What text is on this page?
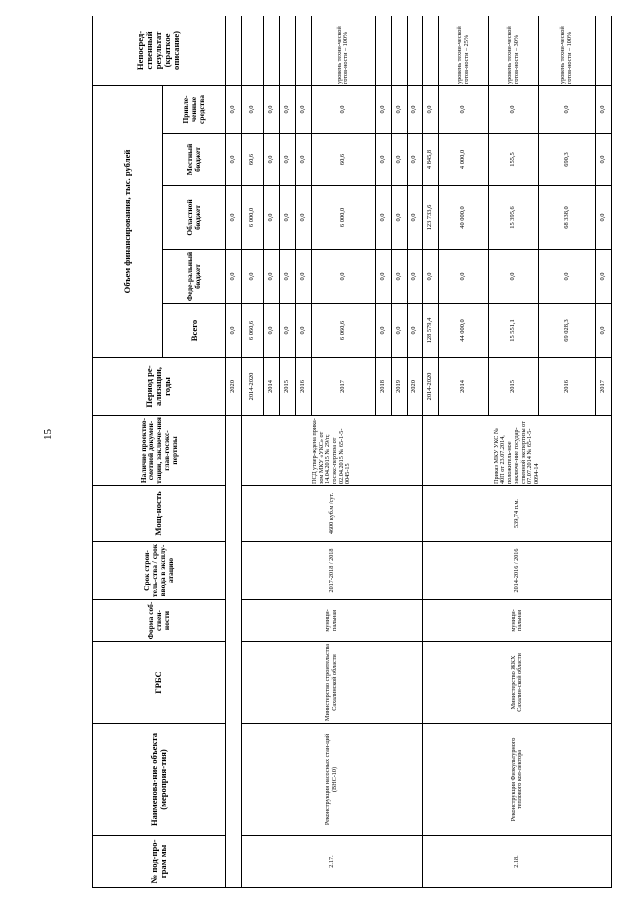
15
№ под-про-грам мы	Наименова-ние объекта (мероприя-тия)	ГРБС	Форма соб-ствен-ности	Срок строи-тель-ства / срок ввода в эксплу-атацию	Мощ-ность	Наличие проектно-сметной докумен-тации, заключе-ния глав-гоcэкс-пертизы	Период ре-ализации, годы	Объем финансирования, тыс. рублей					Непосред-ственный результат (краткое описание)
								Всего	Феде-ральный бюджет	Областной бюджет	Местный бюджет	Привле-ченные средства	
							2020	0,0	0,0	0,0	0,0	0,0	
2.17.	Реконструкция насосных стан-ций (ВНС-10)	Министерство строительства Сахалинской области	муници-пальная	2017-2018 / 2018	4600 куб.м /сут.	ПСД утвер-ждена прика-зом МКУ «УКС» от 14.04.2015 № 29/п; госэкс-пертиза от 02.04.2015 № 65-1-5-0045-15	2014-2020	6 060,6	0,0	6 000,0	60,6	0,0	
							2014	0,0	0,0	0,0	0,0	0,0	
							2015	0,0	0,0	0,0	0,0	0,0	
							2016	0,0	0,0	0,0	0,0	0,0	
							2017	6 060,6	0,0	6 000,0	60,6	0,0	уровень техни-ческой готов-ности – 100%
							2018	0,0	0,0	0,0	0,0	0,0	
							2019	0,0	0,0	0,0	0,0	0,0	
							2020	0,0	0,0	0,0	0,0	0,0	
2.18.	Реконструкция Физкультурного теплового кол-лектора	Министерство ЖКХ Сахалин-ской области	муници-пальная	2014-2016 / 2016	539,74 п.м.	Приказ МКУ УКС № 40П от 23.07.2014, положитель-ное заключе-ние государ-ственной экспертизы от 07.07.2014 № 65-1-5-0094-14	2014-2020	128 579,4	0,0	123 733,6	4 845,8	0,0	
							2014	44 000,0	0,0	40 000,0	4 000,0	0,0	уровень техни-ческой готов-ности – 25%
							2015	15 551,1	0,0	15 395,6	155,5	0,0	уровень техни-ческой готов-ности – 30%
							2016	69 028,3	0,0	68 338,0	690,3	0,0	уровень техни-ческой готов-ности – 100%
							2017	0,0	0,0	0,0	0,0	0,0	
